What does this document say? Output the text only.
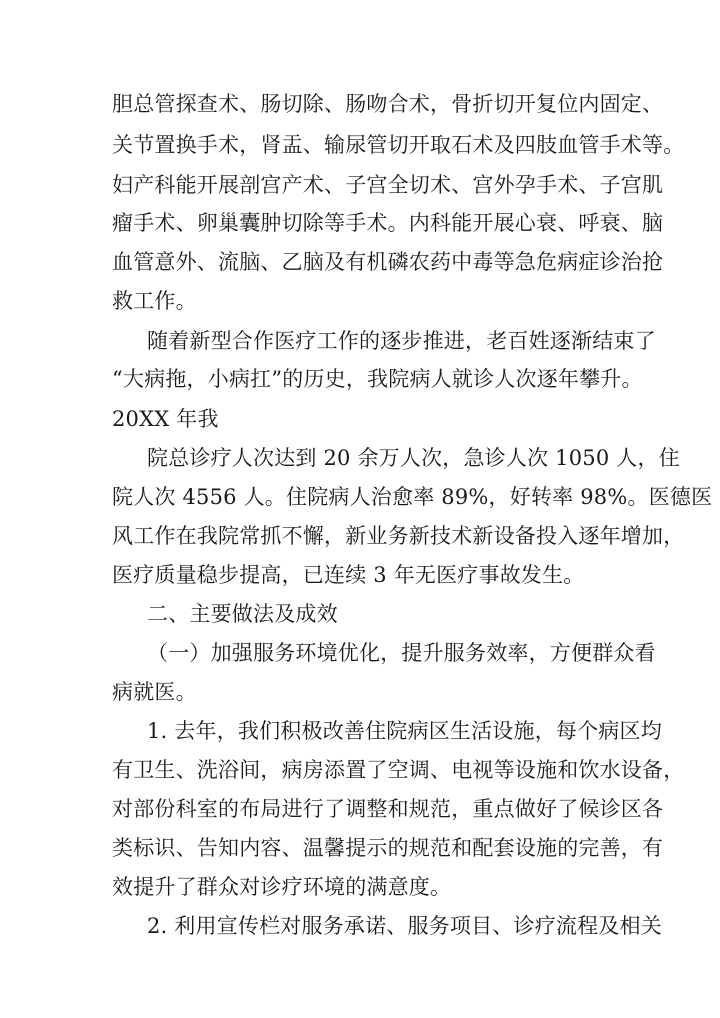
胆总管探查术、肠切除、肠吻合术，骨折切开复位内固定、
关节置换手术，肾盂、输尿管切开取石术及四肢血管手术等。
妇产科能开展剖宫产术、子宫全切术、宫外孕手术、子宫肌
瘤手术、卵巢囊肿切除等手术。内科能开展心衰、呼衰、脑
血管意外、流脑、乙脑及有机磷农药中毒等急危病症诊治抢
救工作。
随着新型合作医疗工作的逐步推进，老百姓逐渐结束了
“大病拖，小病扛”的历史，我院病人就诊人次逐年攀升。
20XX 年我
院总诊疗人次达到 20 余万人次，急诊人次 1050 人，住
院人次 4556 人。住院病人治愈率 89%，好转率 98%。医德医
风工作在我院常抓不懈，新业务新技术新设备投入逐年增加，
医疗质量稳步提高，已连续 3 年无医疗事故发生。
二、主要做法及成效
（一）加强服务环境优化，提升服务效率，方便群众看
病就医。
1. 去年，我们积极改善住院病区生活设施，每个病区均
有卫生、洗浴间，病房添置了空调、电视等设施和饮水设备，
对部份科室的布局进行了调整和规范，重点做好了候诊区各
类标识、告知内容、温馨提示的规范和配套设施的完善，有
效提升了群众对诊疗环境的满意度。
2. 利用宣传栏对服务承诺、服务项目、诊疗流程及相关
